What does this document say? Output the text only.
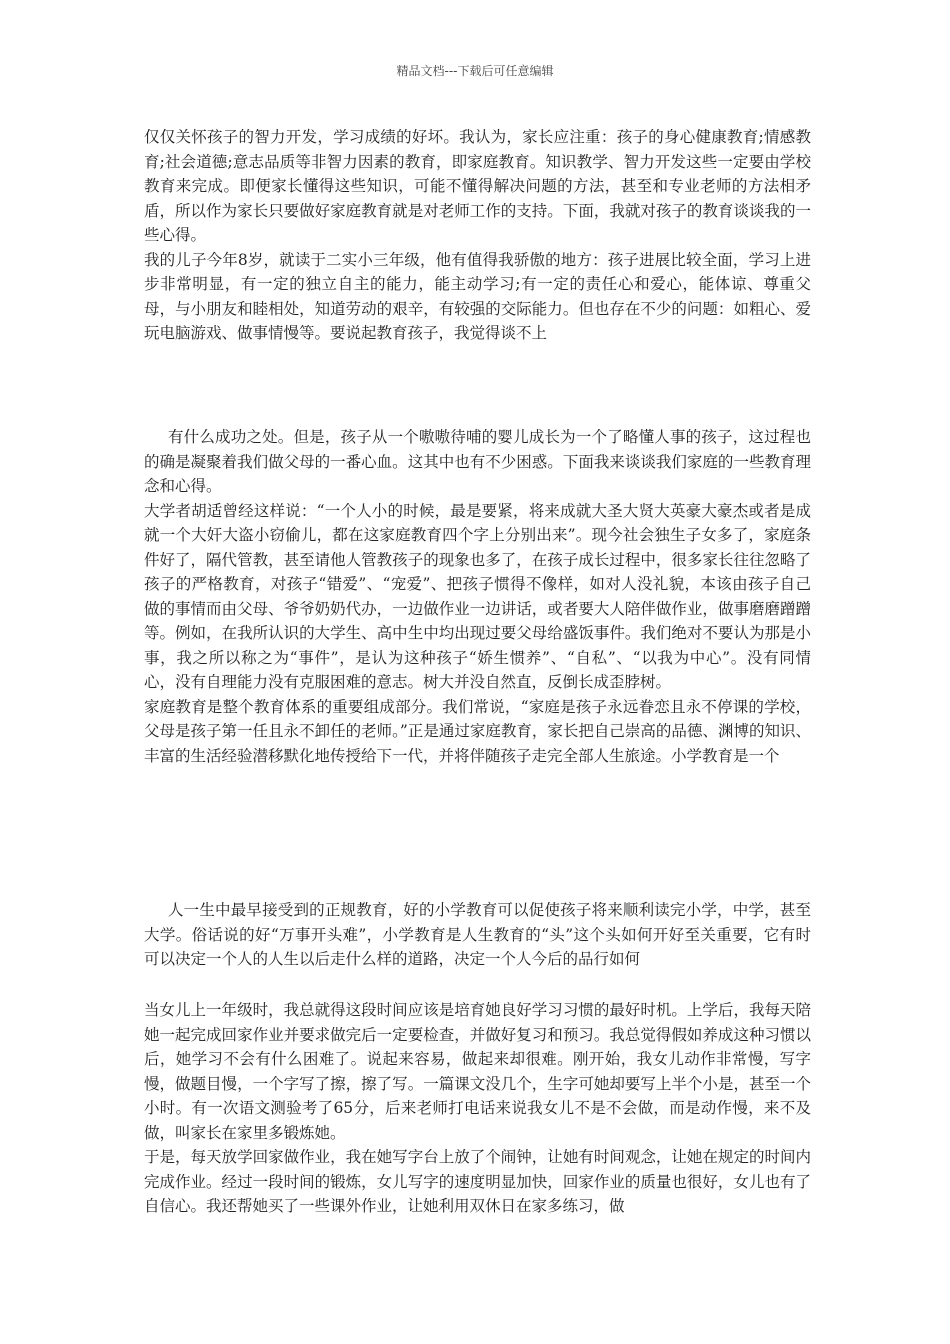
精品文档---下载后可任意编辑

仅仅关怀孩子的智力开发，学习成绩的好坏。我认为，家长应注重：孩子的身心健康教育;情感教育;社会道德;意志品质等非智力因素的教育，即家庭教育。知识教学、智力开发这些一定要由学校教育来完成。即便家长懂得这些知识，可能不懂得解决问题的方法，甚至和专业老师的方法相矛盾，所以作为家长只要做好家庭教育就是对老师工作的支持。下面，我就对孩子的教育谈谈我的一些心得。

我的儿子今年8岁，就读于二实小三年级，他有值得我骄傲的地方：孩子进展比较全面，学习上进步非常明显，有一定的独立自主的能力，能主动学习;有一定的责任心和爱心，能体谅、尊重父母，与小朋友和睦相处，知道劳动的艰辛，有较强的交际能力。但也存在不少的问题：如粗心、爱玩电脑游戏、做事情慢等。要说起教育孩子，我觉得谈不上

有什么成功之处。但是，孩子从一个嗷嗷待哺的婴儿成长为一个了略懂人事的孩子，这过程也的确是凝聚着我们做父母的一番心血。这其中也有不少困惑。下面我来谈谈我们家庭的一些教育理念和心得。

大学者胡适曾经这样说：“一个人小的时候，最是要紧，将来成就大圣大贤大英豪大豪杰或者是成就一个大奸大盗小窃偷儿，都在这家庭教育四个字上分别出来”。现今社会独生子女多了，家庭条件好了，隔代管教，甚至请他人管教孩子的现象也多了，在孩子成长过程中，很多家长往往忽略了孩子的严格教育，对孩子“错爱”、“宠爱”、把孩子惯得不像样，如对人没礼貌，本该由孩子自己做的事情而由父母、爷爷奶奶代办，一边做作业一边讲话，或者要大人陪伴做作业，做事磨磨蹭蹭等。例如，在我所认识的大学生、高中生中均出现过要父母给盛饭事件。我们绝对不要认为那是小事，我之所以称之为“事件”，是认为这种孩子“娇生惯养”、“自私”、“以我为中心”。没有同情心，没有自理能力没有克服困难的意志。树大并没自然直，反倒长成歪脖树。

家庭教育是整个教育体系的重要组成部分。我们常说，“家庭是孩子永远眷恋且永不停课的学校，父母是孩子第一任且永不卸任的老师。”正是通过家庭教育，家长把自己崇高的品德、渊博的知识、丰富的生活经验潜移默化地传授给下一代，并将伴随孩子走完全部人生旅途。小学教育是一个

人一生中最早接受到的正规教育，好的小学教育可以促使孩子将来顺利读完小学，中学，甚至大学。俗话说的好“万事开头难”，小学教育是人生教育的“头”这个头如何开好至关重要，它有时可以决定一个人的人生以后走什么样的道路，决定一个人今后的品行如何

当女儿上一年级时，我总就得这段时间应该是培育她良好学习习惯的最好时机。上学后，我每天陪她一起完成回家作业并要求做完后一定要检查，并做好复习和预习。我总觉得假如养成这种习惯以后，她学习不会有什么困难了。说起来容易，做起来却很难。刚开始，我女儿动作非常慢，写字慢，做题目慢，一个字写了擦，擦了写。一篇课文没几个，生字可她却要写上半个小是，甚至一个小时。有一次语文测验考了65分，后来老师打电话来说我女儿不是不会做，而是动作慢，来不及做，叫家长在家里多锻炼她。

于是，每天放学回家做作业，我在她写字台上放了个闹钟，让她有时间观念，让她在规定的时间内完成作业。经过一段时间的锻炼，女儿写字的速度明显加快，回家作业的质量也很好，女儿也有了自信心。我还帮她买了一些课外作业，让她利用双休日在家多练习，做
